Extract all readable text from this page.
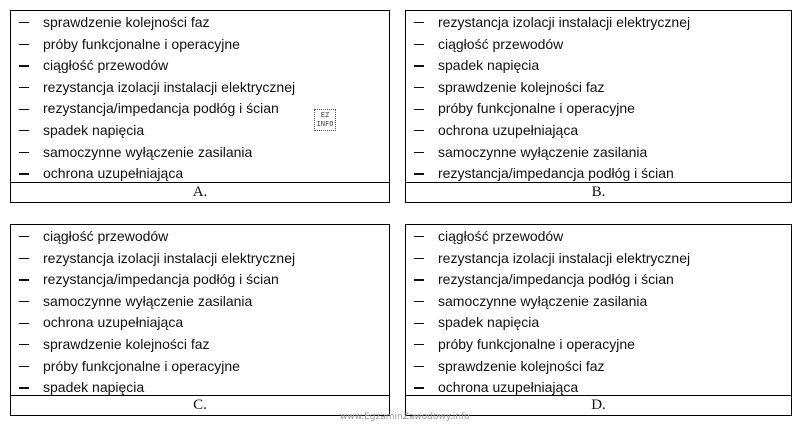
sprawdzenie kolejności faz
próby funkcjonalne i operacyjne
ciągłość przewodów
rezystancja izolacji instalacji elektrycznej
rezystancja/impedancja podłóg i ścian
spadek napięcia
samoczynne wyłączenie zasilania
ochrona uzupełniająca
EZ
INFO
A.
rezystancja izolacji instalacji elektrycznej
ciągłość przewodów
spadek napięcia
sprawdzenie kolejności faz
próby funkcjonalne i operacyjne
ochrona uzupełniająca
samoczynne wyłączenie zasilania
rezystancja/impedancja podłóg i ścian
B.
ciągłość przewodów
rezystancja izolacji instalacji elektrycznej
rezystancja/impedancja podłóg i ścian
samoczynne wyłączenie zasilania
ochrona uzupełniająca
sprawdzenie kolejności faz
próby funkcjonalne i operacyjne
spadek napięcia
C.
ciągłość przewodów
rezystancja izolacji instalacji elektrycznej
rezystancja/impedancja podłóg i ścian
samoczynne wyłączenie zasilania
spadek napięcia
próby funkcjonalne i operacyjne
sprawdzenie kolejności faz
ochrona uzupełniająca
D.
www.EgzaminZawodowy.info
